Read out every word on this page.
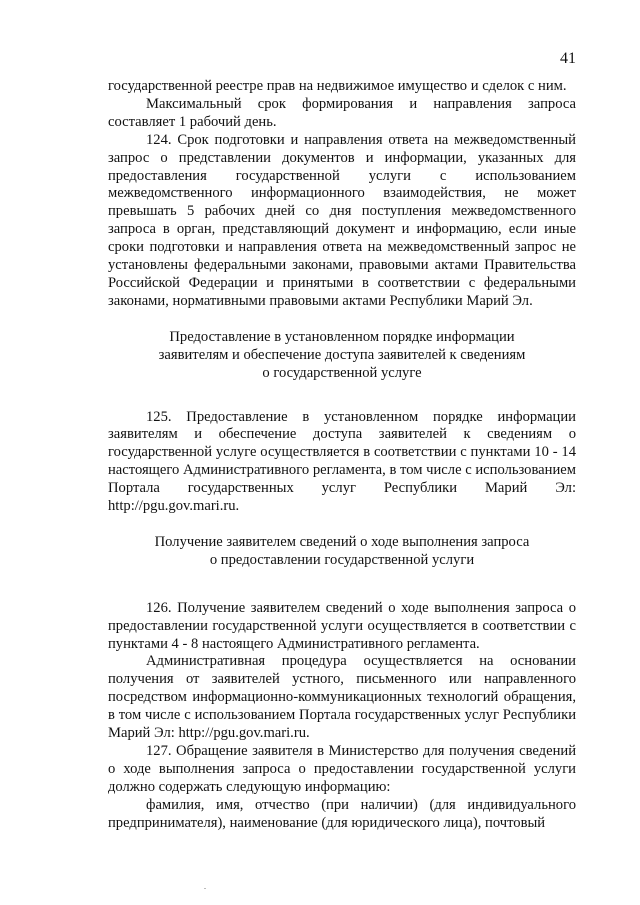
41

государственной реестре прав на недвижимое имущество и сделок с ним.

Максимальный срок формирования и направления запроса составляет 1 рабочий день.

124. Срок подготовки и направления ответа на межведомственный запрос о представлении документов и информации, указанных для предоставления государственной услуги с использованием межведомственного информационного взаимодействия, не может превышать 5 рабочих дней со дня поступления межведомственного запроса в орган, представляющий документ и информацию, если иные сроки подготовки и направления ответа на межведомственный запрос не установлены федеральными законами, правовыми актами Правительства Российской Федерации и принятыми в соответствии с федеральными законами, нормативными правовыми актами Республики Марий Эл.

Предоставление в установленном порядке информации
заявителям и обеспечение доступа заявителей к сведениям
о государственной услуге

125. Предоставление в установленном порядке информации заявителям и обеспечение доступа заявителей к сведениям о государственной услуге осуществляется в соответствии с пунктами 10 - 14 настоящего Административного регламента, в том числе с использованием Портала государственных услуг Республики Марий Эл: http://pgu.gov.mari.ru.

Получение заявителем сведений о ходе выполнения запроса
о предоставлении государственной услуги

126. Получение заявителем сведений о ходе выполнения запроса о предоставлении государственной услуги осуществляется в соответствии с пунктами 4 - 8 настоящего Административного регламента.

Административная процедура осуществляется на основании получения от заявителей устного, письменного или направленного посредством информационно-коммуникационных технологий обращения, в том числе с использованием Портала государственных услуг Республики Марий Эл: http://pgu.gov.mari.ru.

127. Обращение заявителя в Министерство для получения сведений о ходе выполнения запроса о предоставлении государственной услуги должно содержать следующую информацию:

фамилия, имя, отчество (при наличии) (для индивидуального предпринимателя), наименование (для юридического лица), почтовый
